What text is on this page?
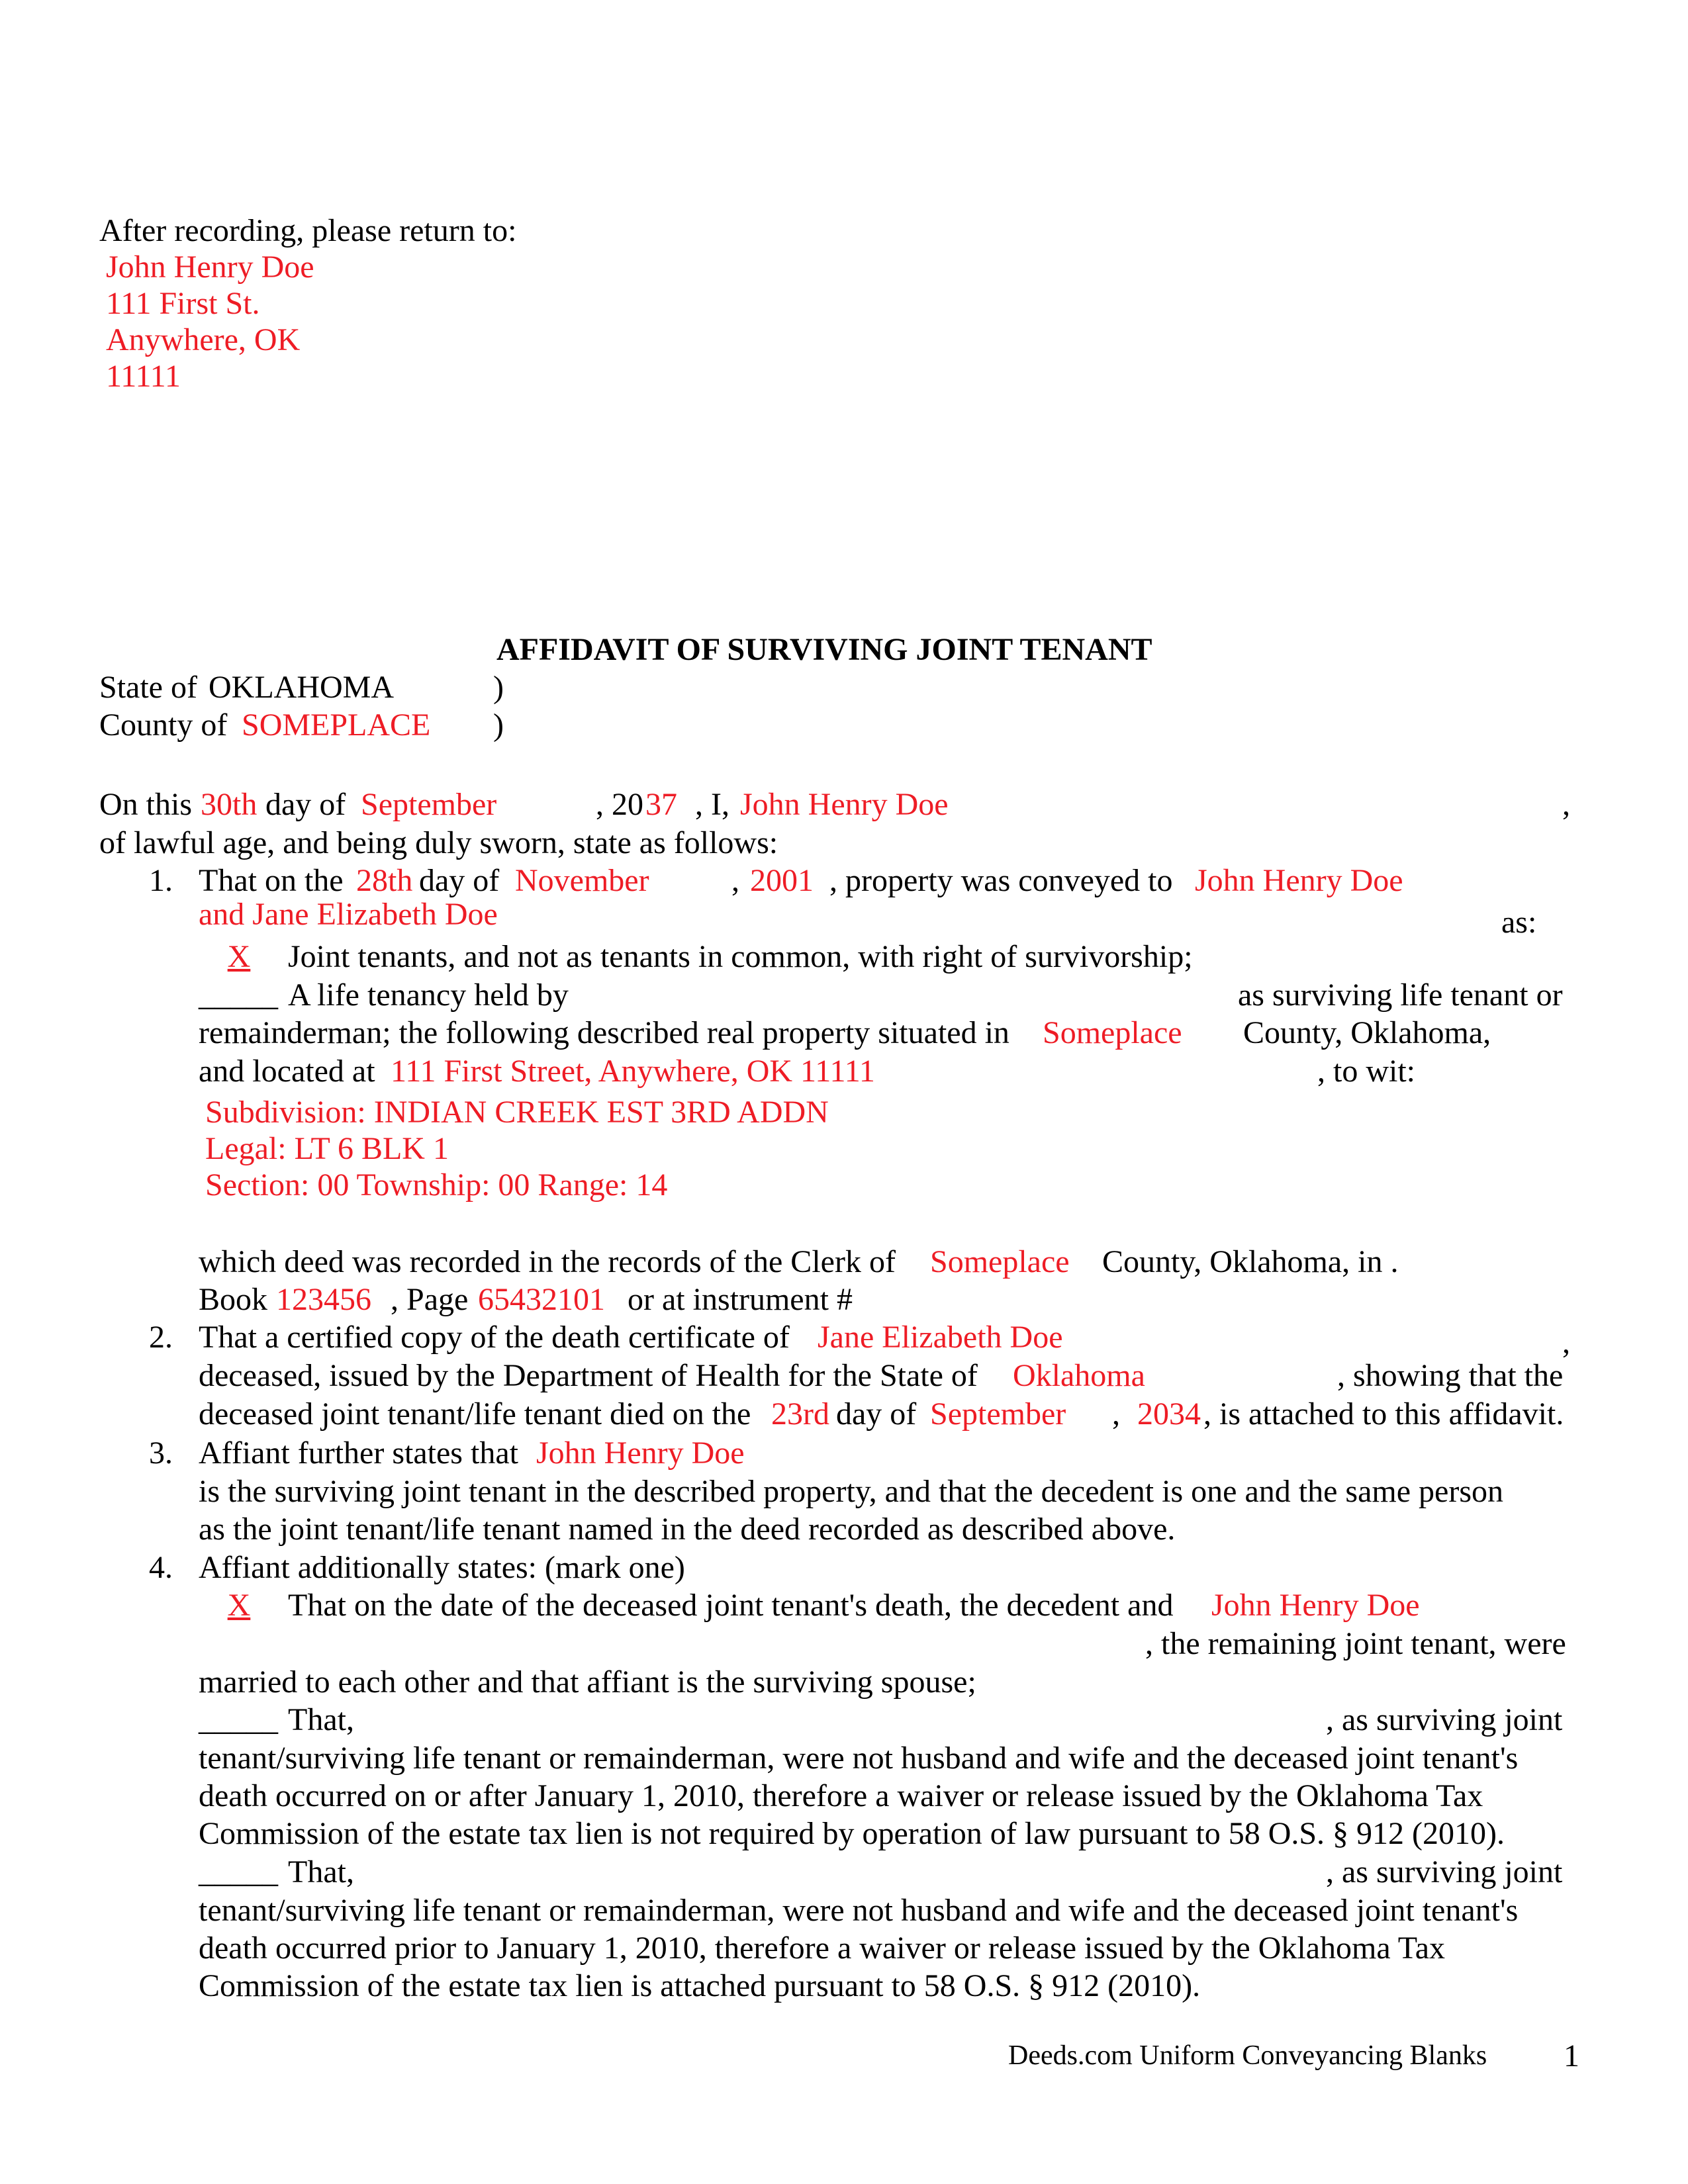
After recording, please return to:
John Henry Doe
111 First St.
Anywhere, OK
11111
AFFIDAVIT OF SURVIVING JOINT TENANT
State of OKLAHOMA	)
County of SOMEPLACE )
On this 30th day of September	, 20 37 , I, John Henry Doe	,
of lawful age, and being duly sworn, state as follows:
1. That on the 28th day of November	, 2001 , property was conveyed to John Henry Doe
and Jane Elizabeth Doe	as:
X	Joint tenants, and not as tenants in common, with right of survivorship;
_____ A life tenancy held by	as surviving life tenant or
remainderman; the following described real property situated in Someplace County, Oklahoma,
and located at 111 First Street, Anywhere, OK 11111	, to wit:
Subdivision: INDIAN CREEK EST 3RD ADDN
Legal: LT 6 BLK 1
Section: 00 Township: 00 Range: 14
which deed was recorded in the records of the Clerk of Someplace County, Oklahoma, in .
Book 123456 , Page 65432101 or at instrument #
2. That a certified copy of the death certificate of Jane Elizabeth Doe	,
deceased, issued by the Department of Health for the State of Oklahoma	, showing that the
deceased joint tenant/life tenant died on the 23rd day of September , 2034 , is attached to this affidavit.
3. Affiant further states that John Henry Doe
is the surviving joint tenant in the described property, and that the decedent is one and the same person
as the joint tenant/life tenant named in the deed recorded as described above.
4. Affiant additionally states: (mark one)
X	That on the date of the deceased joint tenant's death, the decedent and John Henry Doe
, the remaining joint tenant, were
married to each other and that affiant is the surviving spouse;
_____ That,	, as surviving joint
tenant/surviving life tenant or remainderman, were not husband and wife and the deceased joint tenant's
death occurred on or after January 1, 2010, therefore a waiver or release issued by the Oklahoma Tax
Commission of the estate tax lien is not required by operation of law pursuant to 58 O.S. § 912 (2010).
_____ That,	, as surviving joint
tenant/surviving life tenant or remainderman, were not husband and wife and the deceased joint tenant's
death occurred prior to January 1, 2010, therefore a waiver or release issued by the Oklahoma Tax
Commission of the estate tax lien is attached pursuant to 58 O.S. § 912 (2010).
Deeds.com Uniform Conveyancing Blanks 1
